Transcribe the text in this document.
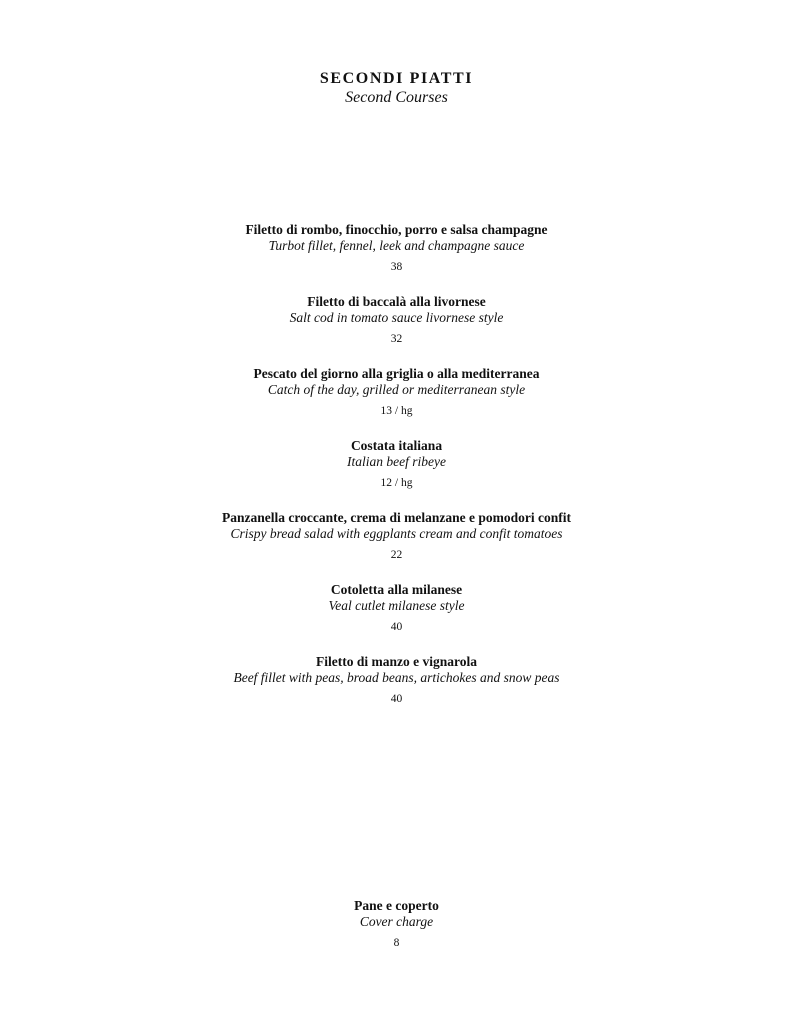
SECONDI PIATTI
Second Courses
Filetto di rombo, finocchio, porro e salsa champagne
Turbot fillet, fennel, leek and champagne sauce
38
Filetto di baccalà alla livornese
Salt cod in tomato sauce livornese style
32
Pescato del giorno alla griglia o alla mediterranea
Catch of the day, grilled or mediterranean style
13 / hg
Costata italiana
Italian beef ribeye
12 / hg
Panzanella croccante, crema di melanzane e pomodori confit
Crispy bread salad with eggplants cream and confit tomatoes
22
Cotoletta alla milanese
Veal cutlet milanese style
40
Filetto di manzo e vignarola
Beef fillet with peas, broad beans, artichokes and snow peas
40
Pane e coperto
Cover charge
8
